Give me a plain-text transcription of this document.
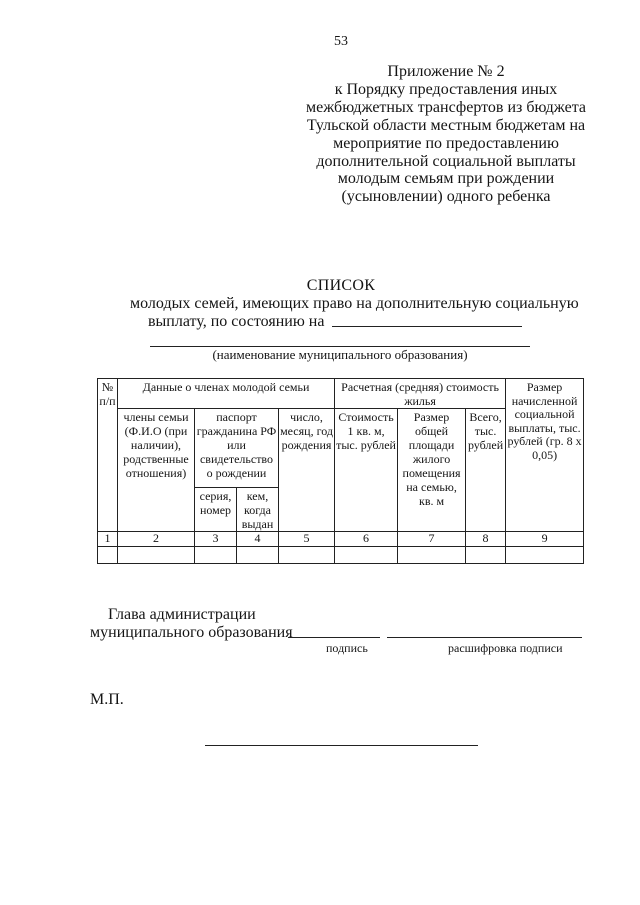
53
Приложение № 2
к Порядку предоставления иных
межбюджетных трансфертов из бюджета
Тульской области местным бюджетам на
мероприятие по предоставлению
дополнительной социальной выплаты
молодым семьям при рождении
(усыновлении) одного ребенка
СПИСОК
молодых семей, имеющих право на дополнительную социальную
выплату, по состоянию на
(наименование муниципального образования)
№ п/п	Данные о членах молодой семьи				Расчетная (средняя) стоимость жилья			Размер начисленной социальной выплаты, тыс. рублей (гр. 8 x 0,05)
	члены семьи (Ф.И.О (при наличии), родственные отношения)	паспорт гражданина РФ или свидетельство о рождении		число, месяц, год рождения	Стоимость 1 кв. м, тыс. рублей	Размер общей площади жилого помещения на семью, кв. м	Всего, тыс. рублей	
		серия, номер	кем, когда выдан					
1	2	3	4	5	6	7	8	9

Глава администрации
муниципального образования
подпись	расшифровка подписи
М.П.
